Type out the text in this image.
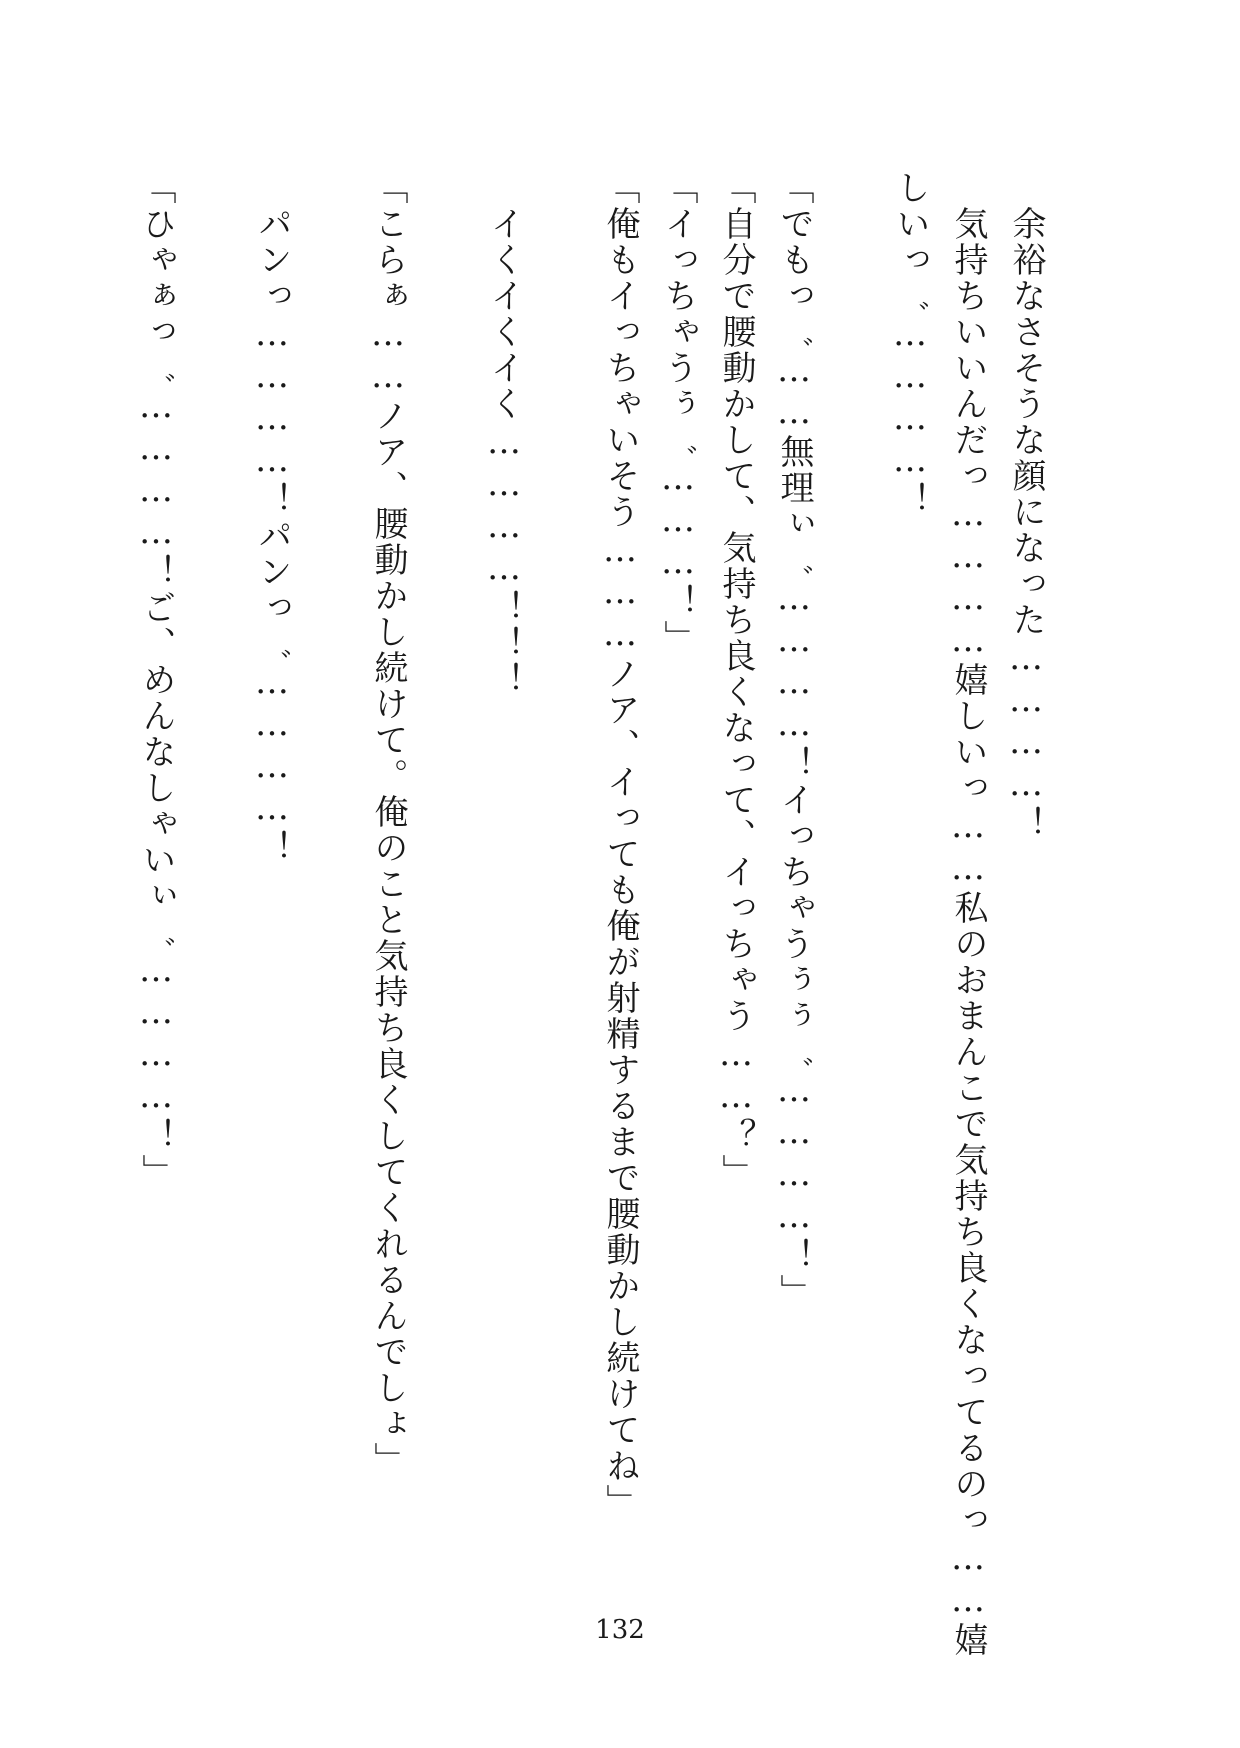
　余裕なさそうな顔になった…………！
　気持ちいいんだっ…………嬉しいっ……私のおまんこで気持ち良くなってるのっ……嬉
しいっ゛…………！

「でもっ゛……無理ぃ゛…………！イっちゃうぅぅ゛…………！」
「自分で腰動かして、気持ち良くなって、イっちゃう……？」
「イっちゃうぅ゛………！」
「俺もイっちゃいそう………ノア、イっても俺が射精するまで腰動かし続けてね」

　イくイくイく…………！！！

「こらぁ……ノア、腰動かし続けて。俺のこと気持ち良くしてくれるんでしょ」

　パンっ…………！パンっ゛…………！

「ひゃぁっ゛…………！ご、めんなしゃいぃ゛…………！」
132
